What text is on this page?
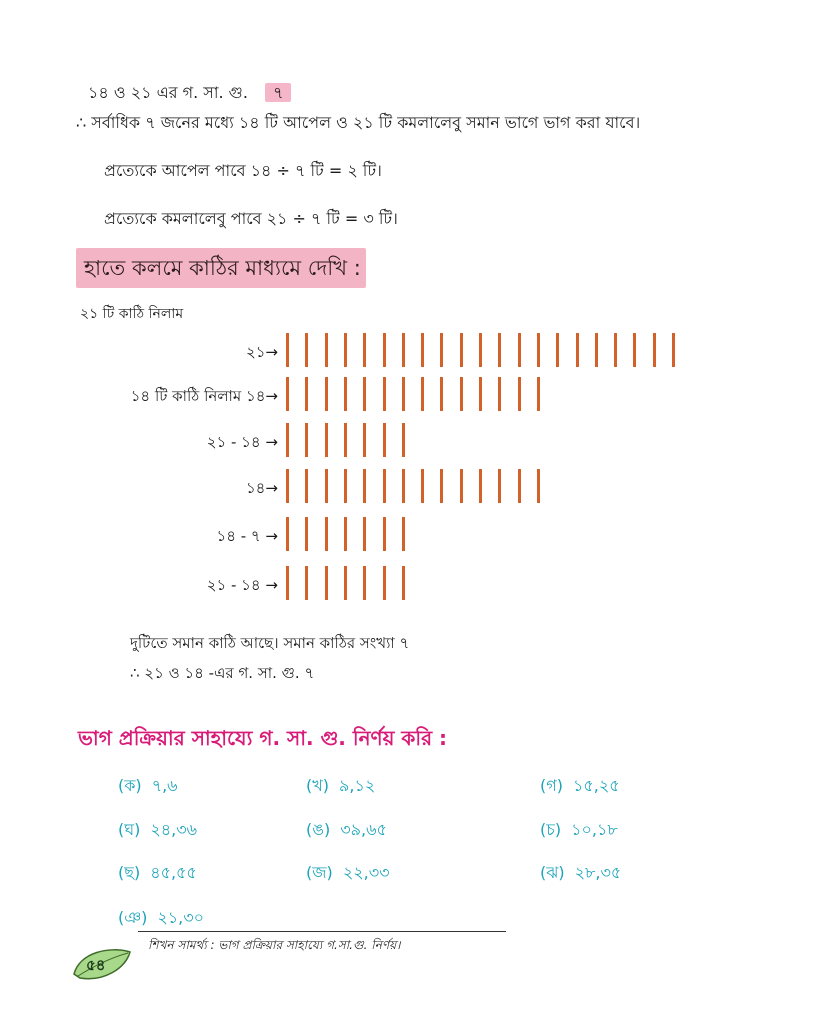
১৪ ও ২১ এর গ. সা. গু. ৭
∴ সর্বাধিক ৭ জনের মধ্যে ১৪ টি আপেল ও ২১ টি কমলালেবু সমান ভাগে ভাগ করা যাবে।
প্রত্যেকে আপেল পাবে ১৪ ÷ ৭ টি = ২ টি।
প্রত্যেকে কমলালেবু পাবে ২১ ÷ ৭ টি = ৩ টি।
হাতে কলমে কাঠির মাধ্যমে দেখি :
২১ টি কাঠি নিলাম
২১→
১৪ টি কাঠি নিলাম ১৪→
২১ - ১৪ →
১৪→
১৪ - ৭ →
২১ - ১৪ →
দুটিতে সমান কাঠি আছে। সমান কাঠির সংখ্যা ৭
∴ ২১ ও ১৪ -এর গ. সা. গু. ৭
ভাগ প্রক্রিয়ার সাহায্যে গ. সা. গু. নির্ণয় করি :
(ক) ৭,৬	(খ) ৯,১২	(গ) ১৫,২৫
(ঘ) ২৪,৩৬	(ঙ) ৩৯,৬৫	(চ) ১০,১৮
(ছ) ৪৫,৫৫	(জ) ২২,৩৩	(ঝ) ২৮,৩৫
(ঞ) ২১,৩০
শিখন সামর্থ্য : ভাগ প্রক্রিয়ার সাহায্যে গ.সা.গু. নির্ণয়।
৫৪
